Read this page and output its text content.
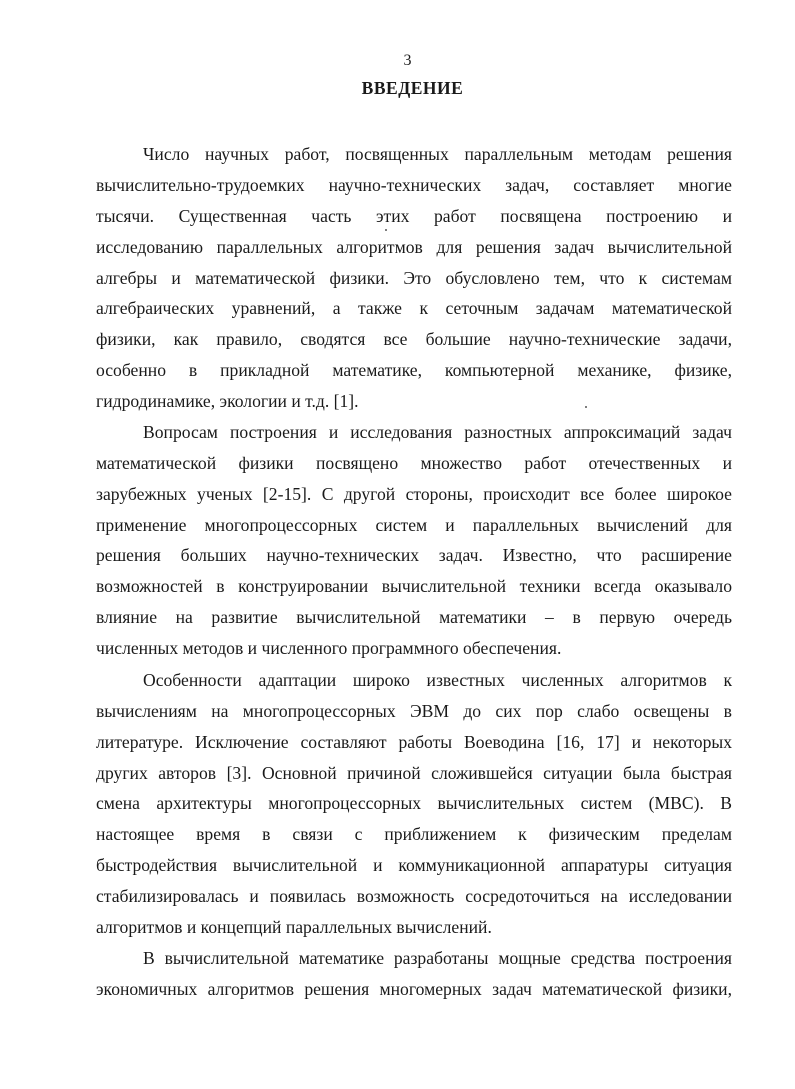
3
ВВЕДЕНИЕ
Число научных работ, посвященных параллельным методам решения
вычислительно-трудоемких научно-технических задач, составляет многие
тысячи. Существенная часть этих работ посвящена построению и
исследованию параллельных алгоритмов для решения задач вычислительной
алгебры и математической физики. Это обусловлено тем, что к системам
алгебраических уравнений, а также к сеточным задачам математической
физики, как правило, сводятся все большие научно-технические задачи,
особенно в прикладной математике, компьютерной механике, физике,
гидродинамике, экологии и т.д. [1].
Вопросам построения и исследования разностных аппроксимаций задач
математической физики посвящено множество работ отечественных и
зарубежных ученых [2-15]. С другой стороны, происходит все более широкое
применение многопроцессорных систем и параллельных вычислений для
решения больших научно-технических задач. Известно, что расширение
возможностей в конструировании вычислительной техники всегда оказывало
влияние на развитие вычислительной математики – в первую очередь
численных методов и численного программного обеспечения.
Особенности адаптации широко известных численных алгоритмов к
вычислениям на многопроцессорных ЭВМ до сих пор слабо освещены в
литературе. Исключение составляют работы Воеводина [16, 17] и некоторых
других авторов [3]. Основной причиной сложившейся ситуации была быстрая
смена архитектуры многопроцессорных вычислительных систем (МВС). В
настоящее время в связи с приближением к физическим пределам
быстродействия вычислительной и коммуникационной аппаратуры ситуация
стабилизировалась и появилась возможность сосредоточиться на исследовании
алгоритмов и концепций параллельных вычислений.
В вычислительной математике разработаны мощные средства построения
экономичных алгоритмов решения многомерных задач математической физики,
